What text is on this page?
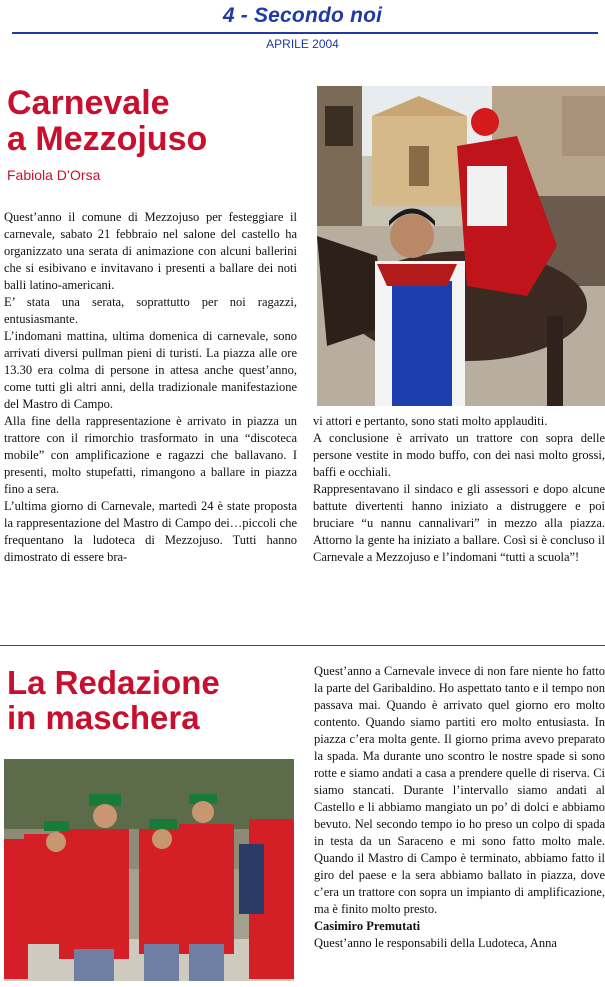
4 - Secondo noi
APRILE 2004
Carnevale
a Mezzojuso
Fabiola D’Orsa

Quest’anno il comune di Mezzojuso per festeggiare il carnevale, sabato 21 febbraio nel salone del castello ha organizzato una serata di animazione con alcuni ballerini che si esibivano e invitavano i presenti a ballare dei noti balli latino-americani.

E’ stata una serata, soprattutto per noi ragazzi, entusiasmante.

L’indomani mattina, ultima domenica di carnevale, sono arrivati diversi pullman pieni di turisti. La piazza alle ore 13.30 era colma di persone in attesa anche quest’anno, come tutti gli altri anni, della tradizionale manifestazione del Mastro di Campo.

Alla fine della rappresentazione è arrivato in piazza un trattore con il rimorchio trasformato in una “discoteca mobile” con amplificazione e ragazzi che ballavano. I presenti, molto stupefatti, rimangono a ballare in piazza fino a sera.

L’ultima giorno di Carnevale, martedì 24 è state proposta la rappresentazione del Mastro di Campo dei…piccoli che frequentano la ludoteca di Mezzojuso. Tutti hanno dimostrato di essere bra-

vi attori e pertanto, sono stati molto applauditi.

A conclusione è arrivato un trattore con sopra delle persone vestite in modo buffo, con dei nasi molto grossi, baffi e occhiali.

Rappresentavano il sindaco e gli assessori e dopo alcune battute divertenti hanno iniziato a distruggere e poi bruciare “u nannu cannalivari” in mezzo alla piazza. Attorno la gente ha iniziato a ballare. Così si è concluso il Carnevale a Mezzojuso e l’indomani “tutti a scuola”!

La Redazione
in maschera

Quest’anno a Carnevale invece di non fare niente ho fatto la parte del Garibaldino. Ho aspettato tanto e il tempo non passava mai. Quando è arrivato quel giorno ero molto contento. Quando siamo partiti ero molto entusiasta. In piazza c’era molta gente. Il giorno prima avevo preparato la spada. Ma durante uno scontro le nostre spade si sono rotte e siamo andati a casa a prendere quelle di riserva. Ci siamo stancati. Durante l’intervallo siamo andati al Castello e li abbiamo mangiato un po’ di dolci e abbiamo bevuto. Nel secondo tempo io ho preso un colpo di spada in testa da un Saraceno e mi sono fatto molto male. Quando il Mastro di Campo è terminato, abbiamo fatto il giro del paese e la sera abbiamo ballato in piazza, dove c’era un trattore con sopra un impianto di amplificazione, ma è finito molto presto.

Casimiro Premutati

Quest’anno le responsabili della Ludoteca, Anna
